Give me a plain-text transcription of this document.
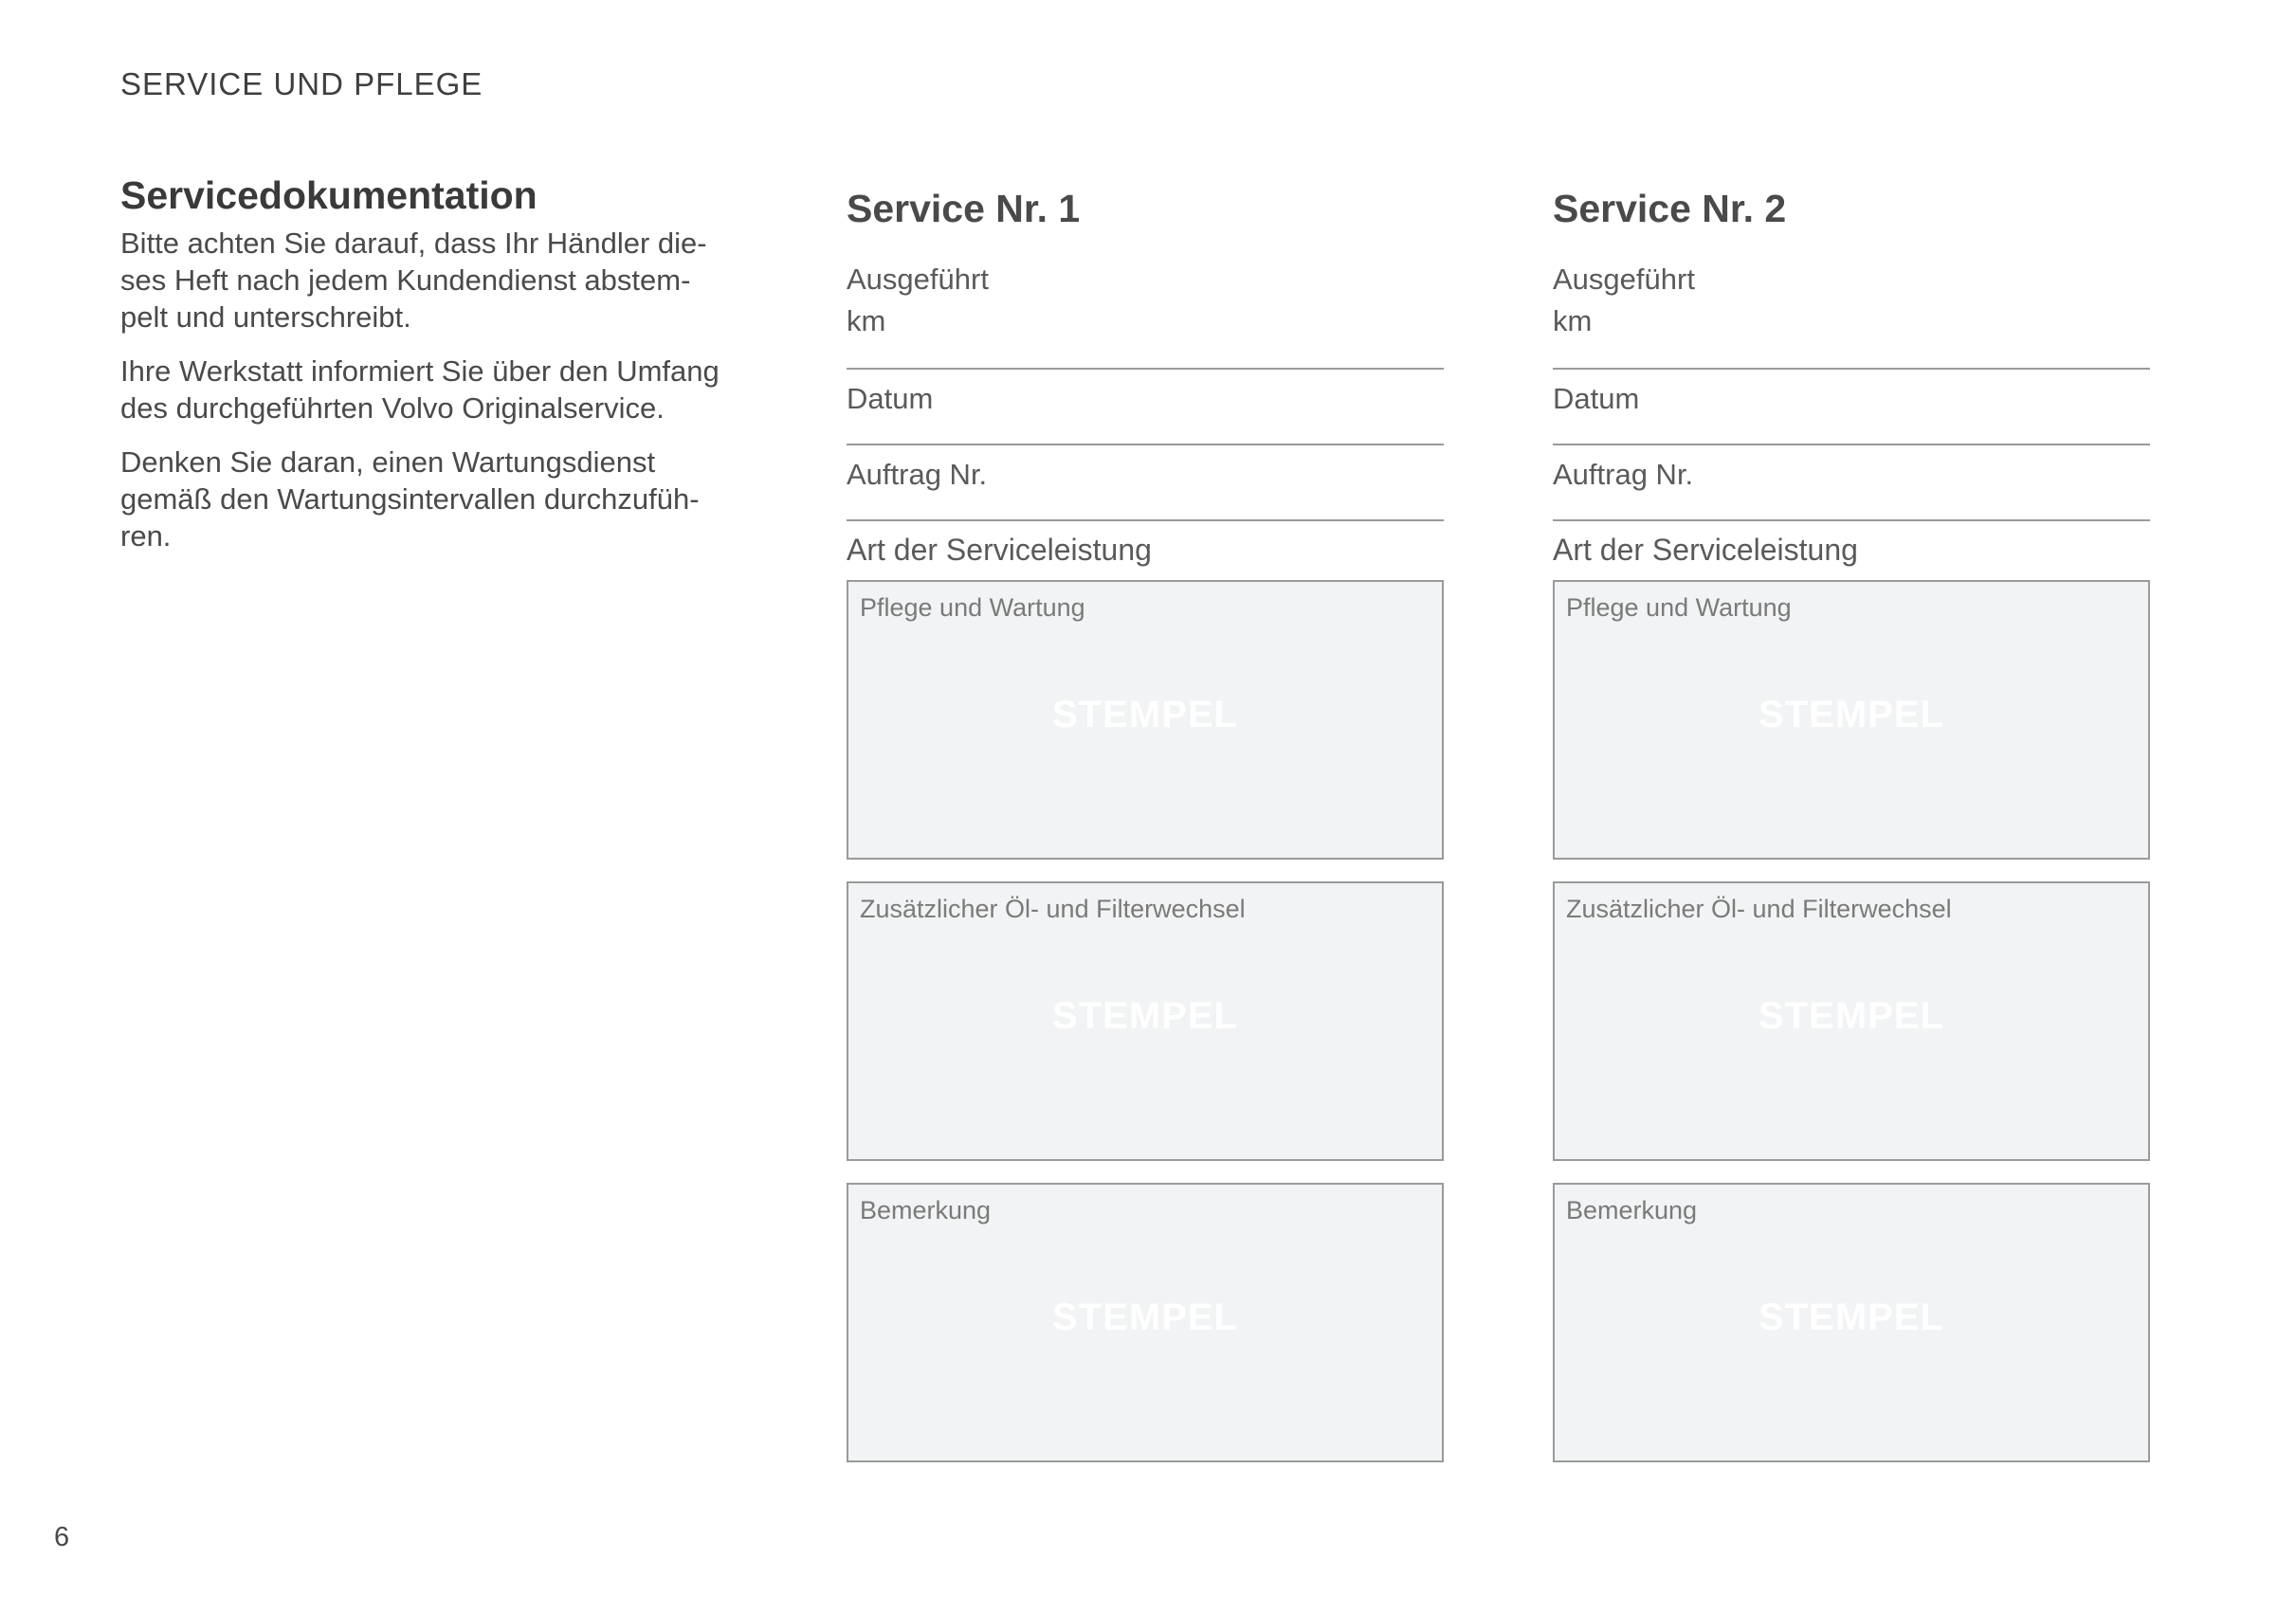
SERVICE UND PFLEGE
Servicedokumentation

Bitte achten Sie darauf, dass Ihr Händler die-
ses Heft nach jedem Kundendienst abstem-
pelt und unterschreibt.

Ihre Werkstatt informiert Sie über den Umfang
des durchgeführten Volvo Originalservice.

Denken Sie daran, einen Wartungsdienst
gemäß den Wartungsintervallen durchzufüh-
ren.

Service Nr. 1
Ausgeführt
km
Datum
Auftrag Nr.
Art der Serviceleistung
Pflege und Wartung
STEMPEL
Zusätzlicher Öl- und Filterwechsel
STEMPEL
Bemerkung
STEMPEL
Service Nr. 2
Ausgeführt
km
Datum
Auftrag Nr.
Art der Serviceleistung
Pflege und Wartung
STEMPEL
Zusätzlicher Öl- und Filterwechsel
STEMPEL
Bemerkung
STEMPEL
6
